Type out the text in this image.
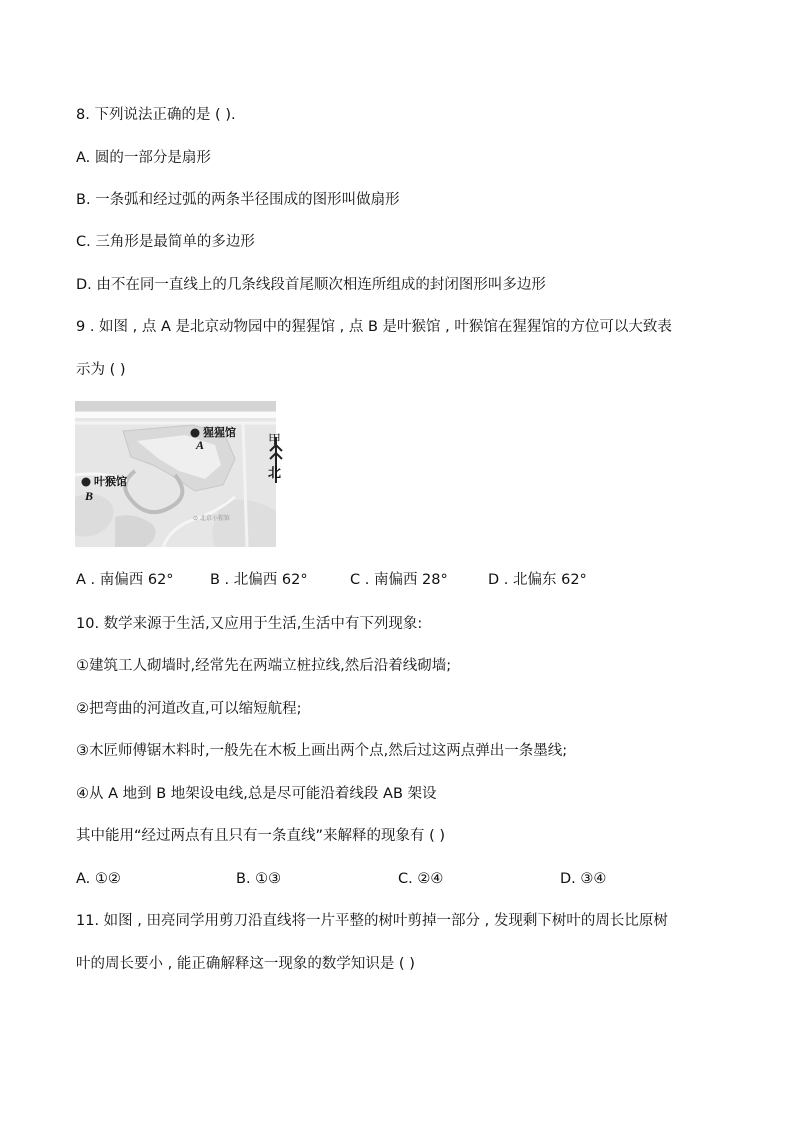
8. 下列说法正确的是 ( ).
A. 圆的一部分是扇形
B. 一条弧和经过弧的两条半径围成的图形叫做扇形
C. 三角形是最简单的多边形
D. 由不在同一直线上的几条线段首尾顺次相连所组成的封闭图形叫多边形
9 . 如图 , 点 A 是北京动物园中的猩猩馆 , 点 B 是叶猴馆 , 叶猴馆在猩猩馆的方位可以大致表
示为 ( )
猩猩馆
A
叶猴馆
B
甲
北
⊙ 北京小猩馆
A . 南偏西 62°	B . 北偏西 62°	C . 南偏西 28°	D . 北偏东 62°
10. 数学来源于生活,又应用于生活,生活中有下列现象:
①建筑工人砌墙时,经常先在两端立桩拉线,然后沿着线砌墙;
②把弯曲的河道改直,可以缩短航程;
③木匠师傅锯木料时,一般先在木板上画出两个点,然后过这两点弹出一条墨线;
④从 A 地到 B 地架设电线,总是尽可能沿着线段 AB 架设
其中能用“经过两点有且只有一条直线”来解释的现象有 ( )
A. ①②	B. ①③	C. ②④	D. ③④
11. 如图 , 田亮同学用剪刀沿直线将一片平整的树叶剪掉一部分 , 发现剩下树叶的周长比原树
叶的周长要小 , 能正确解释这一现象的数学知识是 ( )
